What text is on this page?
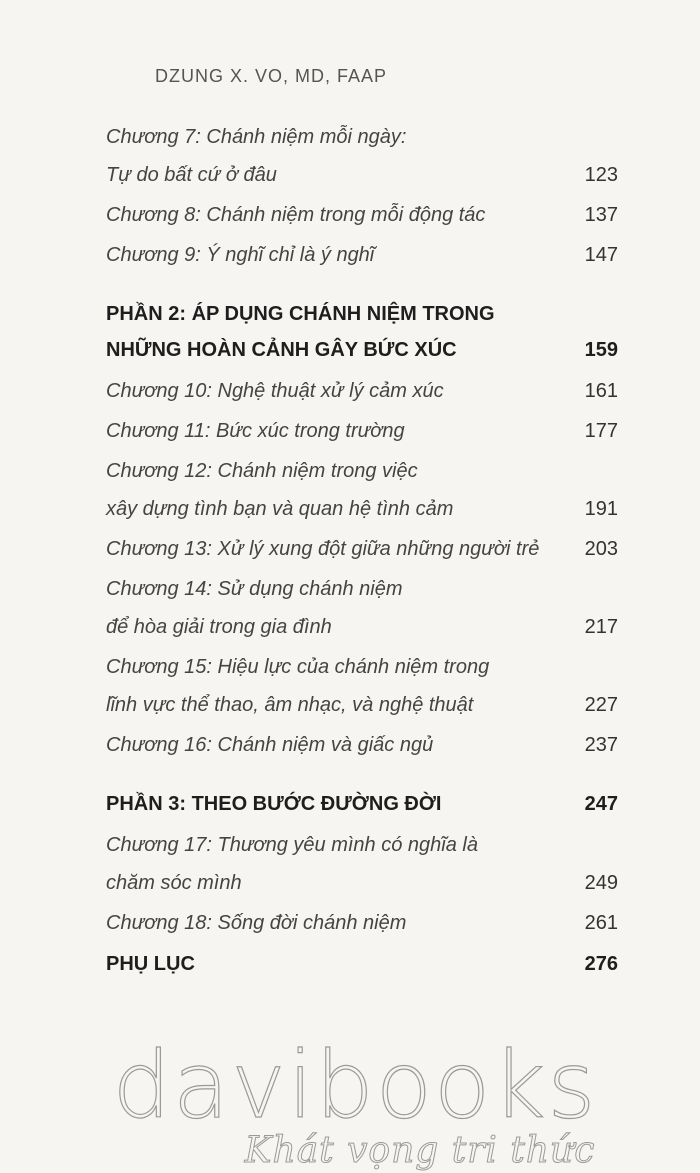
DZUNG X. VO, MD, FAAP
Chương 7: Chánh niệm mỗi ngày:
Tự do bất cứ ở đâu	123
Chương 8: Chánh niệm trong mỗi động tác	137
Chương 9: Ý nghĩ chỉ là ý nghĩ	147
PHẦN 2: ÁP DỤNG CHÁNH NIỆM TRONG
NHỮNG HOÀN CẢNH GÂY BỨC XÚC	159
Chương 10: Nghệ thuật xử lý cảm xúc	161
Chương 11: Bức xúc trong trường	177
Chương 12: Chánh niệm trong việc
xây dựng tình bạn và quan hệ tình cảm	191
Chương 13: Xử lý xung đột giữa những người trẻ 203
Chương 14: Sử dụng chánh niệm
để hòa giải trong gia đình	217
Chương 15: Hiệu lực của chánh niệm trong
lĩnh vực thể thao, âm nhạc, và nghệ thuật	227
Chương 16: Chánh niệm và giấc ngủ	237
PHẦN 3: THEO BƯỚC ĐƯỜNG ĐỜI	247
Chương 17: Thương yêu mình có nghĩa là
chăm sóc mình	249
Chương 18: Sống đời chánh niệm	261
PHỤ LỤC	276
davibooks
Khát vọng tri thức
